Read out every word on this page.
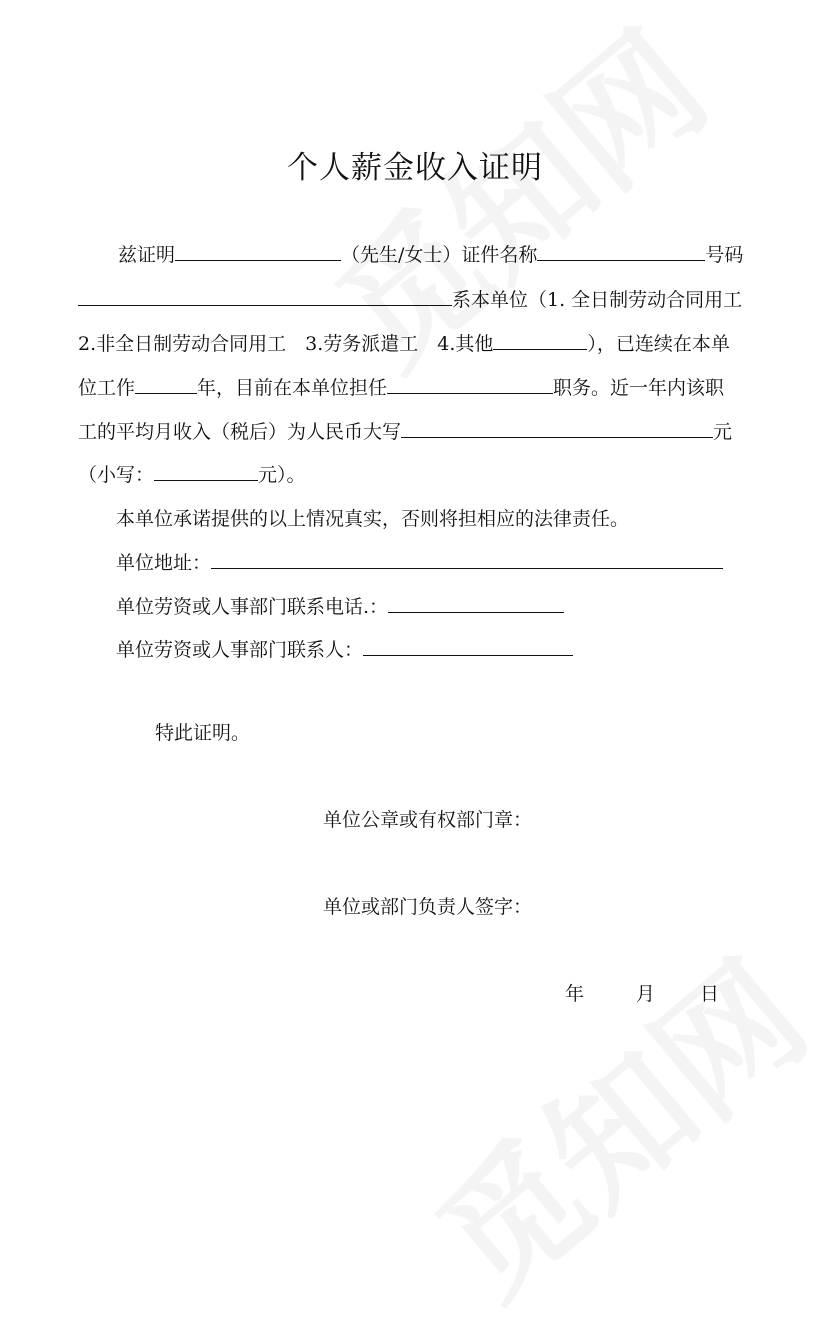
个人薪金收入证明
兹证明	（先生/女士）证件名称	号码
系本单位（1. 全日制劳动合同用工
2.非全日制劳动合同用工　3.劳务派遣工　4.其他	），已连续在本单
位工作	年，目前在本单位担任	职务。近一年内该职
工的平均月收入（税后）为人民币大写	元
（小写：	元）。
本单位承诺提供的以上情况真实，否则将担相应的法律责任。
单位地址：
单位劳资或人事部门联系电话.：
单位劳资或人事部门联系人：
特此证明。
单位公章或有权部门章：
单位或部门负责人签字：
年	月 日
